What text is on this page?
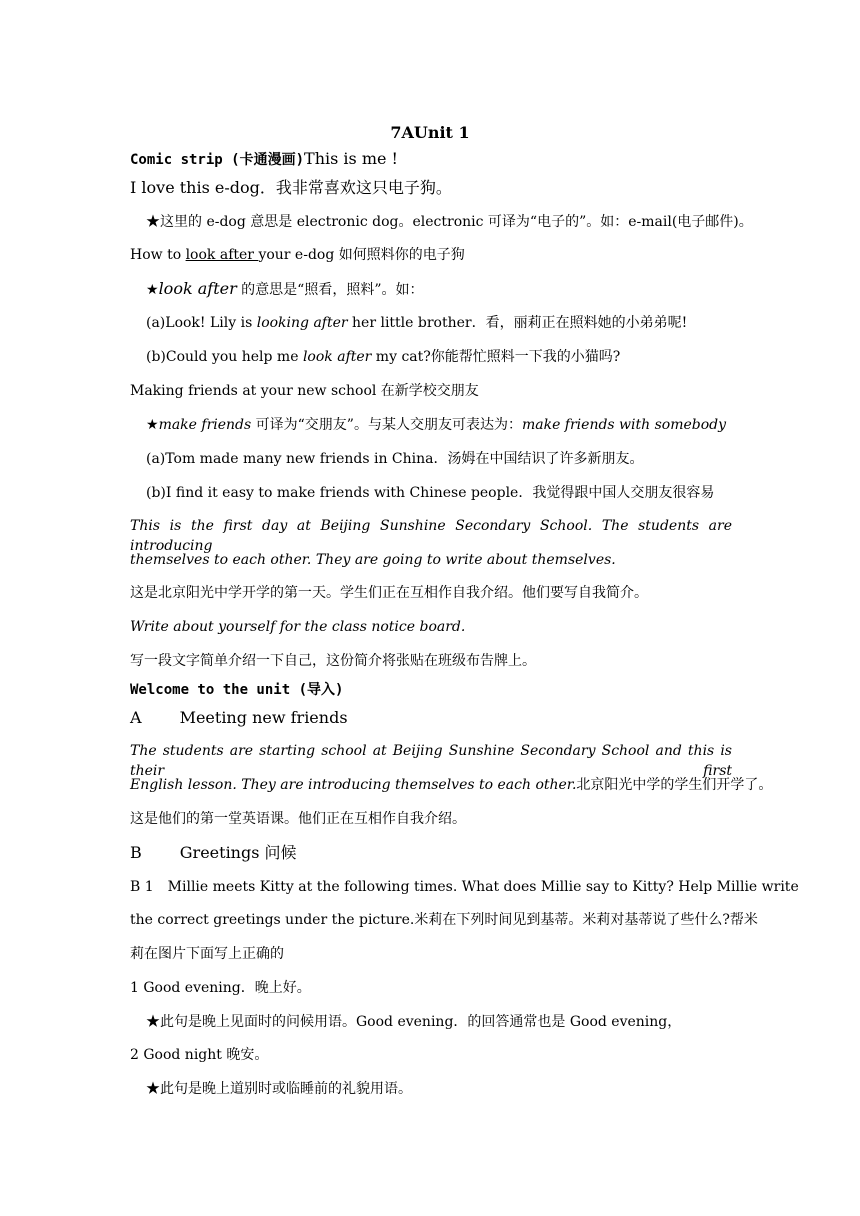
7AUnit 1
Comic strip (卡通漫画)This is me !
I love this e-dog．我非常喜欢这只电子狗。
★这里的 e-dog 意思是 electronic dog。electronic 可译为“电子的”。如：e-mail(电子邮件)。
How to look after your e-dog 如何照料你的电子狗
★look after 的意思是“照看，照料”。如：
(a)Look! Lily is looking after her little brother．看，丽莉正在照料她的小弟弟呢!
(b)Could you help me look after my cat?你能帮忙照料一下我的小猫吗?
Making friends at your new school 在新学校交朋友
★make friends 可译为“交朋友”。与某人交朋友可表达为：make friends with somebody
(a)Tom made many new friends in China．汤姆在中国结识了许多新朋友。
(b)I find it easy to make friends with Chinese people．我觉得跟中国人交朋友很容易
This is the first day at Beijing Sunshine Secondary School. The students are introducing
themselves to each other. They are going to write about themselves.
这是北京阳光中学开学的第一天。学生们正在互相作自我介绍。他们要写自我简介。
Write about yourself for the class notice board.
写一段文字简单介绍一下自己，这份简介将张贴在班级布告牌上。
Welcome to the unit (导入)
A Meeting new friends
The students are starting school at Beijing Sunshine Secondary School and this is their first
English lesson. They are introducing themselves to each other.北京阳光中学的学生们开学了。
这是他们的第一堂英语课。他们正在互相作自我介绍。
B Greetings 问候
B 1 Millie meets Kitty at the following times. What does Millie say to Kitty? Help Millie write
the correct greetings under the picture.米莉在下列时间见到基蒂。米莉对基蒂说了些什么?帮米
莉在图片下面写上正确的
1 Good evening．晚上好。
★此句是晚上见面时的问候用语。Good evening．的回答通常也是 Good evening，
2 Good night 晚安。
★此句是晚上道别时或临睡前的礼貌用语。
